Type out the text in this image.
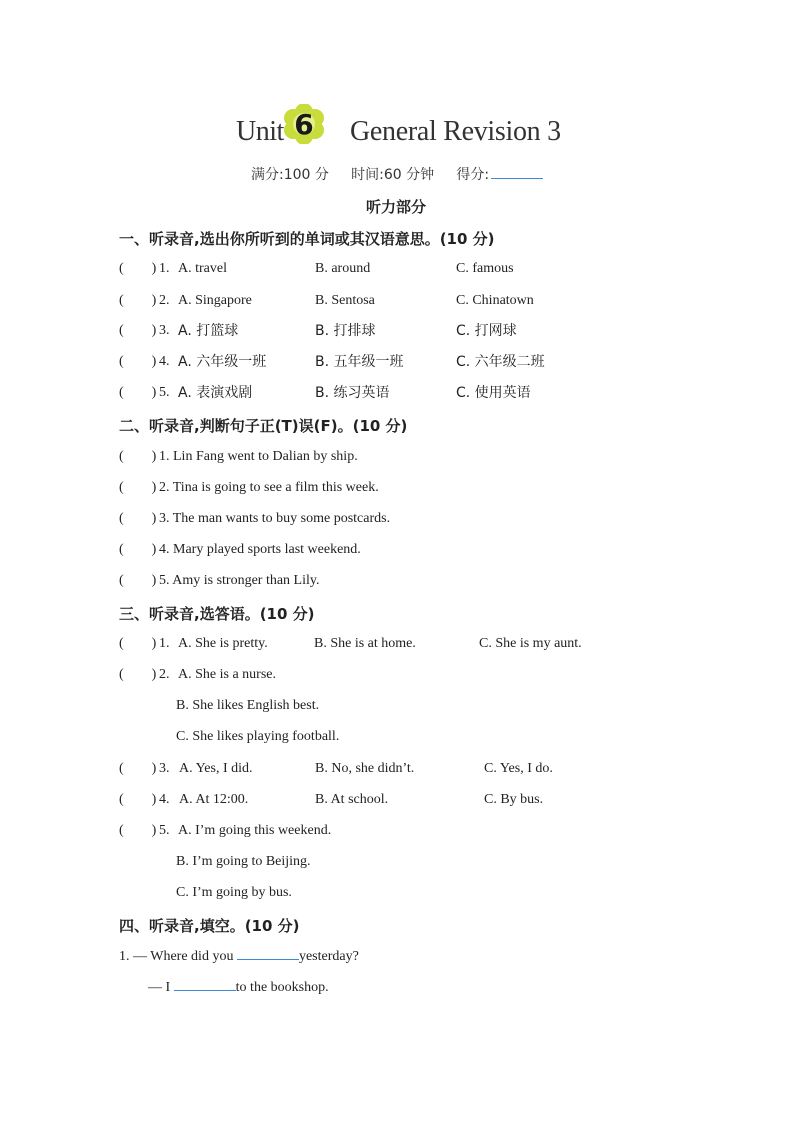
Unit 6 General Revision 3
满分:100 分 时间:60 分钟 得分:
听力部分
一、听录音,选出你所听到的单词或其汉语意思。(10 分)
(　　) 1. A. travel	B. around	C. famous
(　　) 2. A. Singapore	B. Sentosa	C. Chinatown
(　　) 3. A. 打篮球	B. 打排球	C. 打网球
(　　) 4. A. 六年级一班	B. 五年级一班	C. 六年级二班
(　　) 5. A. 表演戏剧	B. 练习英语	C. 使用英语
二、听录音,判断句子正(T)误(F)。(10 分)
(　　) 1. Lin Fang went to Dalian by ship.
(　　) 2. Tina is going to see a film this week.
(　　) 3. The man wants to buy some postcards.
(　　) 4. Mary played sports last weekend.
(　　) 5. Amy is stronger than Lily.
三、听录音,选答语。(10 分)
(　　) 1. A. She is pretty.	B. She is at home.	C. She is my aunt.
(　　) 2. A. She is a nurse.
B. She likes English best.
C. She likes playing football.
(　　) 3. A. Yes, I did.	B. No, she didn’t.	C. Yes, I do.
(　　) 4. A. At 12:00.	B. At school.	C. By bus.
(　　) 5. A. I’m going this weekend.
B. I’m going to Beijing.
C. I’m going by bus.
四、听录音,填空。(10 分)
1. — Where did you	yesterday?
— I	to the bookshop.
